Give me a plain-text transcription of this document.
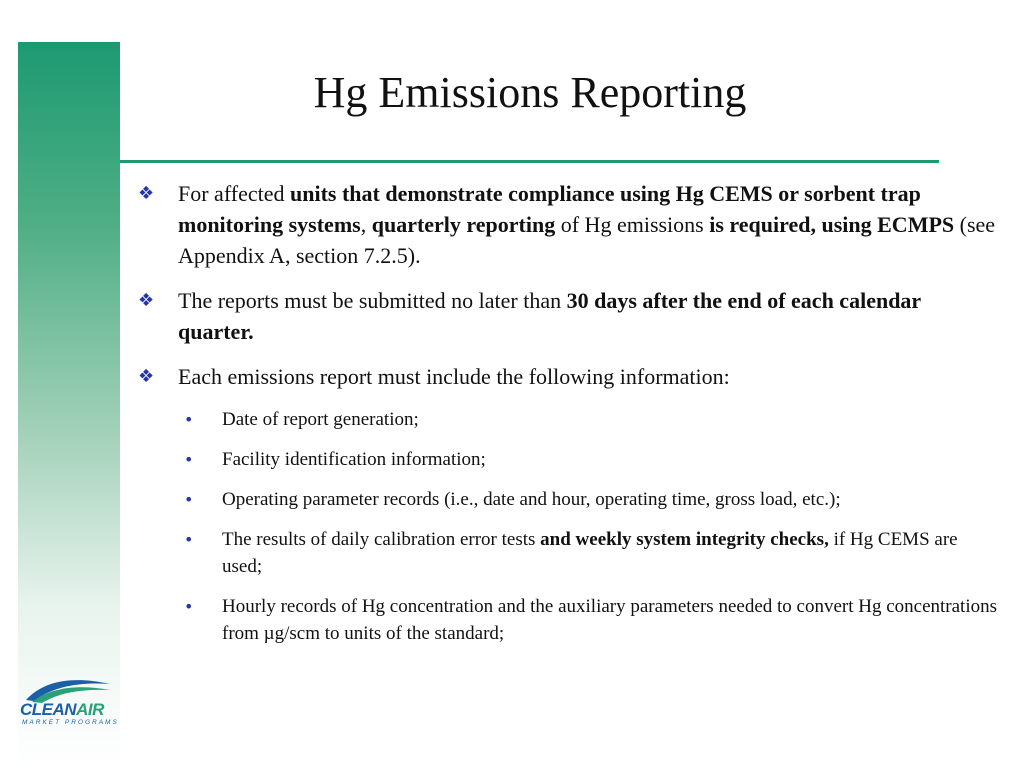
Hg Emissions Reporting
❖ For affected units that demonstrate compliance using Hg CEMS or sorbent trap monitoring systems, quarterly reporting of Hg emissions is required, using ECMPS (see Appendix A, section 7.2.5).
❖ The reports must be submitted no later than 30 days after the end of each calendar quarter.
❖ Each emissions report must include the following information:
• Date of report generation;
• Facility identification information;
• Operating parameter records (i.e., date and hour, operating time, gross load, etc.);
• The results of daily calibration error tests and weekly system integrity checks, if Hg CEMS are used;
• Hourly records of Hg concentration and the auxiliary parameters needed to convert Hg concentrations from µg/scm to units of the standard;
CLEANAIR
MARKET PROGRAMS
